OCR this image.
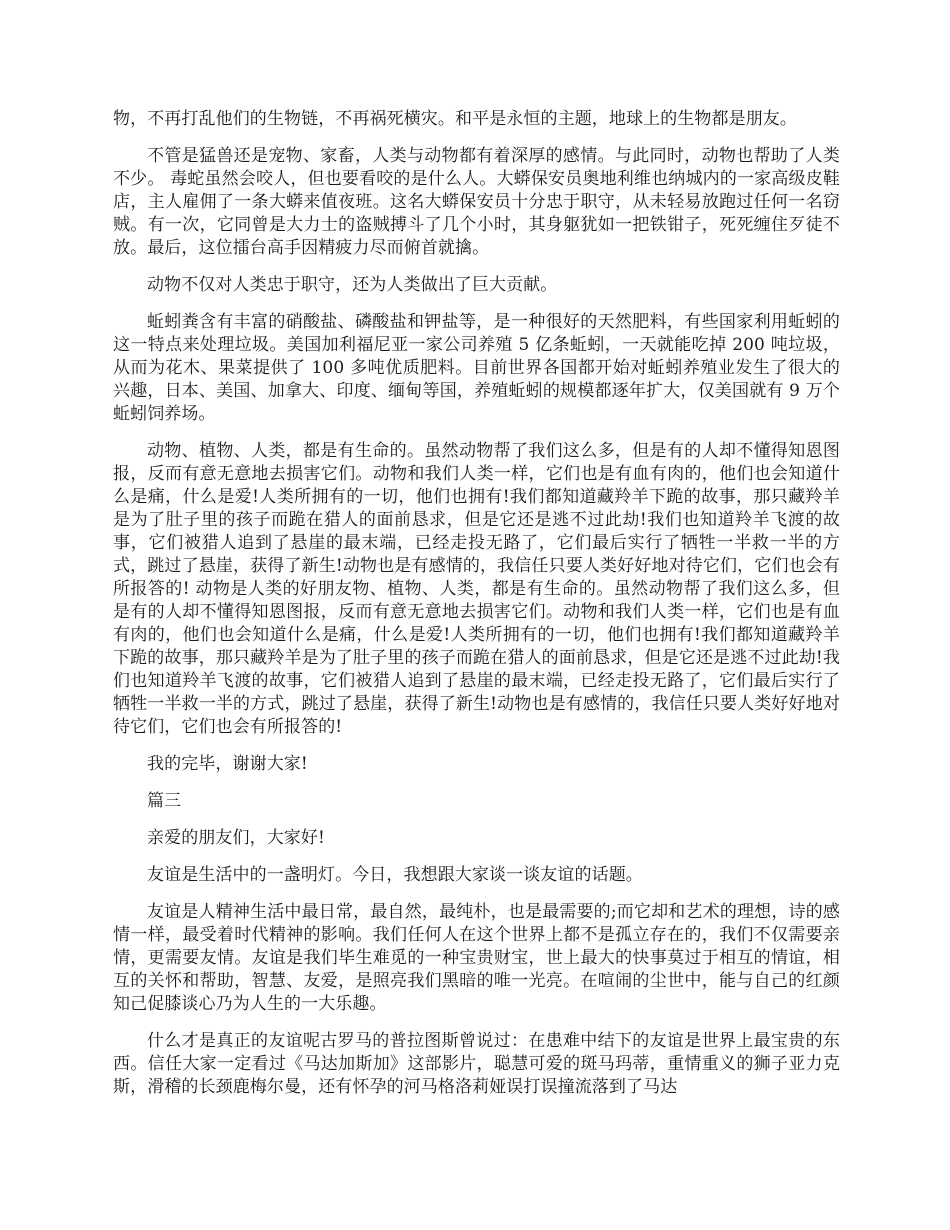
物，不再打乱他们的生物链，不再祸死横灾。和平是永恒的主题，地球上的生物都是朋友。

不管是猛兽还是宠物、家畜，人类与动物都有着深厚的感情。与此同时，动物也帮助了人类不少。 毒蛇虽然会咬人，但也要看咬的是什么人。大蟒保安员奥地利维也纳城内的一家高级皮鞋店，主人雇佣了一条大蟒来值夜班。这名大蟒保安员十分忠于职守，从未轻易放跑过任何一名窃贼。有一次，它同曾是大力士的盗贼搏斗了几个小时，其身躯犹如一把铁钳子，死死缠住歹徒不放。最后，这位擂台高手因精疲力尽而俯首就擒。

动物不仅对人类忠于职守，还为人类做出了巨大贡献。

蚯蚓粪含有丰富的硝酸盐、磷酸盐和钾盐等，是一种很好的天然肥料，有些国家利用蚯蚓的这一特点来处理垃圾。美国加利福尼亚一家公司养殖 5 亿条蚯蚓，一天就能吃掉 200 吨垃圾，从而为花木、果菜提供了 100 多吨优质肥料。目前世界各国都开始对蚯蚓养殖业发生了很大的兴趣，日本、美国、加拿大、印度、缅甸等国，养殖蚯蚓的规模都逐年扩大，仅美国就有 9 万个蚯蚓饲养场。

动物、植物、人类，都是有生命的。虽然动物帮了我们这么多，但是有的人却不懂得知恩图报，反而有意无意地去损害它们。动物和我们人类一样，它们也是有血有肉的，他们也会知道什么是痛，什么是爱!人类所拥有的一切，他们也拥有!我们都知道藏羚羊下跪的故事，那只藏羚羊是为了肚子里的孩子而跪在猎人的面前恳求，但是它还是逃不过此劫!我们也知道羚羊飞渡的故事，它们被猎人追到了悬崖的最末端，已经走投无路了，它们最后实行了牺牲一半救一半的方式，跳过了悬崖，获得了新生!动物也是有感情的，我信任只要人类好好地对待它们，它们也会有所报答的! 动物是人类的好朋友物、植物、人类，都是有生命的。虽然动物帮了我们这么多，但是有的人却不懂得知恩图报，反而有意无意地去损害它们。动物和我们人类一样，它们也是有血有肉的，他们也会知道什么是痛，什么是爱!人类所拥有的一切，他们也拥有!我们都知道藏羚羊下跪的故事，那只藏羚羊是为了肚子里的孩子而跪在猎人的面前恳求，但是它还是逃不过此劫!我们也知道羚羊飞渡的故事，它们被猎人追到了悬崖的最末端，已经走投无路了，它们最后实行了牺牲一半救一半的方式，跳过了悬崖，获得了新生!动物也是有感情的，我信任只要人类好好地对待它们，它们也会有所报答的!

我的完毕，谢谢大家!

篇三

亲爱的朋友们，大家好!

友谊是生活中的一盏明灯。今日，我想跟大家谈一谈友谊的话题。

友谊是人精神生活中最日常，最自然，最纯朴，也是最需要的;而它却和艺术的理想，诗的感情一样，最受着时代精神的影响。我们任何人在这个世界上都不是孤立存在的，我们不仅需要亲情，更需要友情。友谊是我们毕生难觅的一种宝贵财宝，世上最大的快事莫过于相互的情谊，相互的关怀和帮助，智慧、友爱，是照亮我们黑暗的唯一光亮。在喧闹的尘世中，能与自己的红颜知己促膝谈心乃为人生的一大乐趣。

什么才是真正的友谊呢古罗马的普拉图斯曾说过：在患难中结下的友谊是世界上最宝贵的东西。信任大家一定看过《马达加斯加》这部影片，聪慧可爱的斑马玛蒂，重情重义的狮子亚力克斯，滑稽的长颈鹿梅尔曼，还有怀孕的河马格洛莉娅误打误撞流落到了马达
